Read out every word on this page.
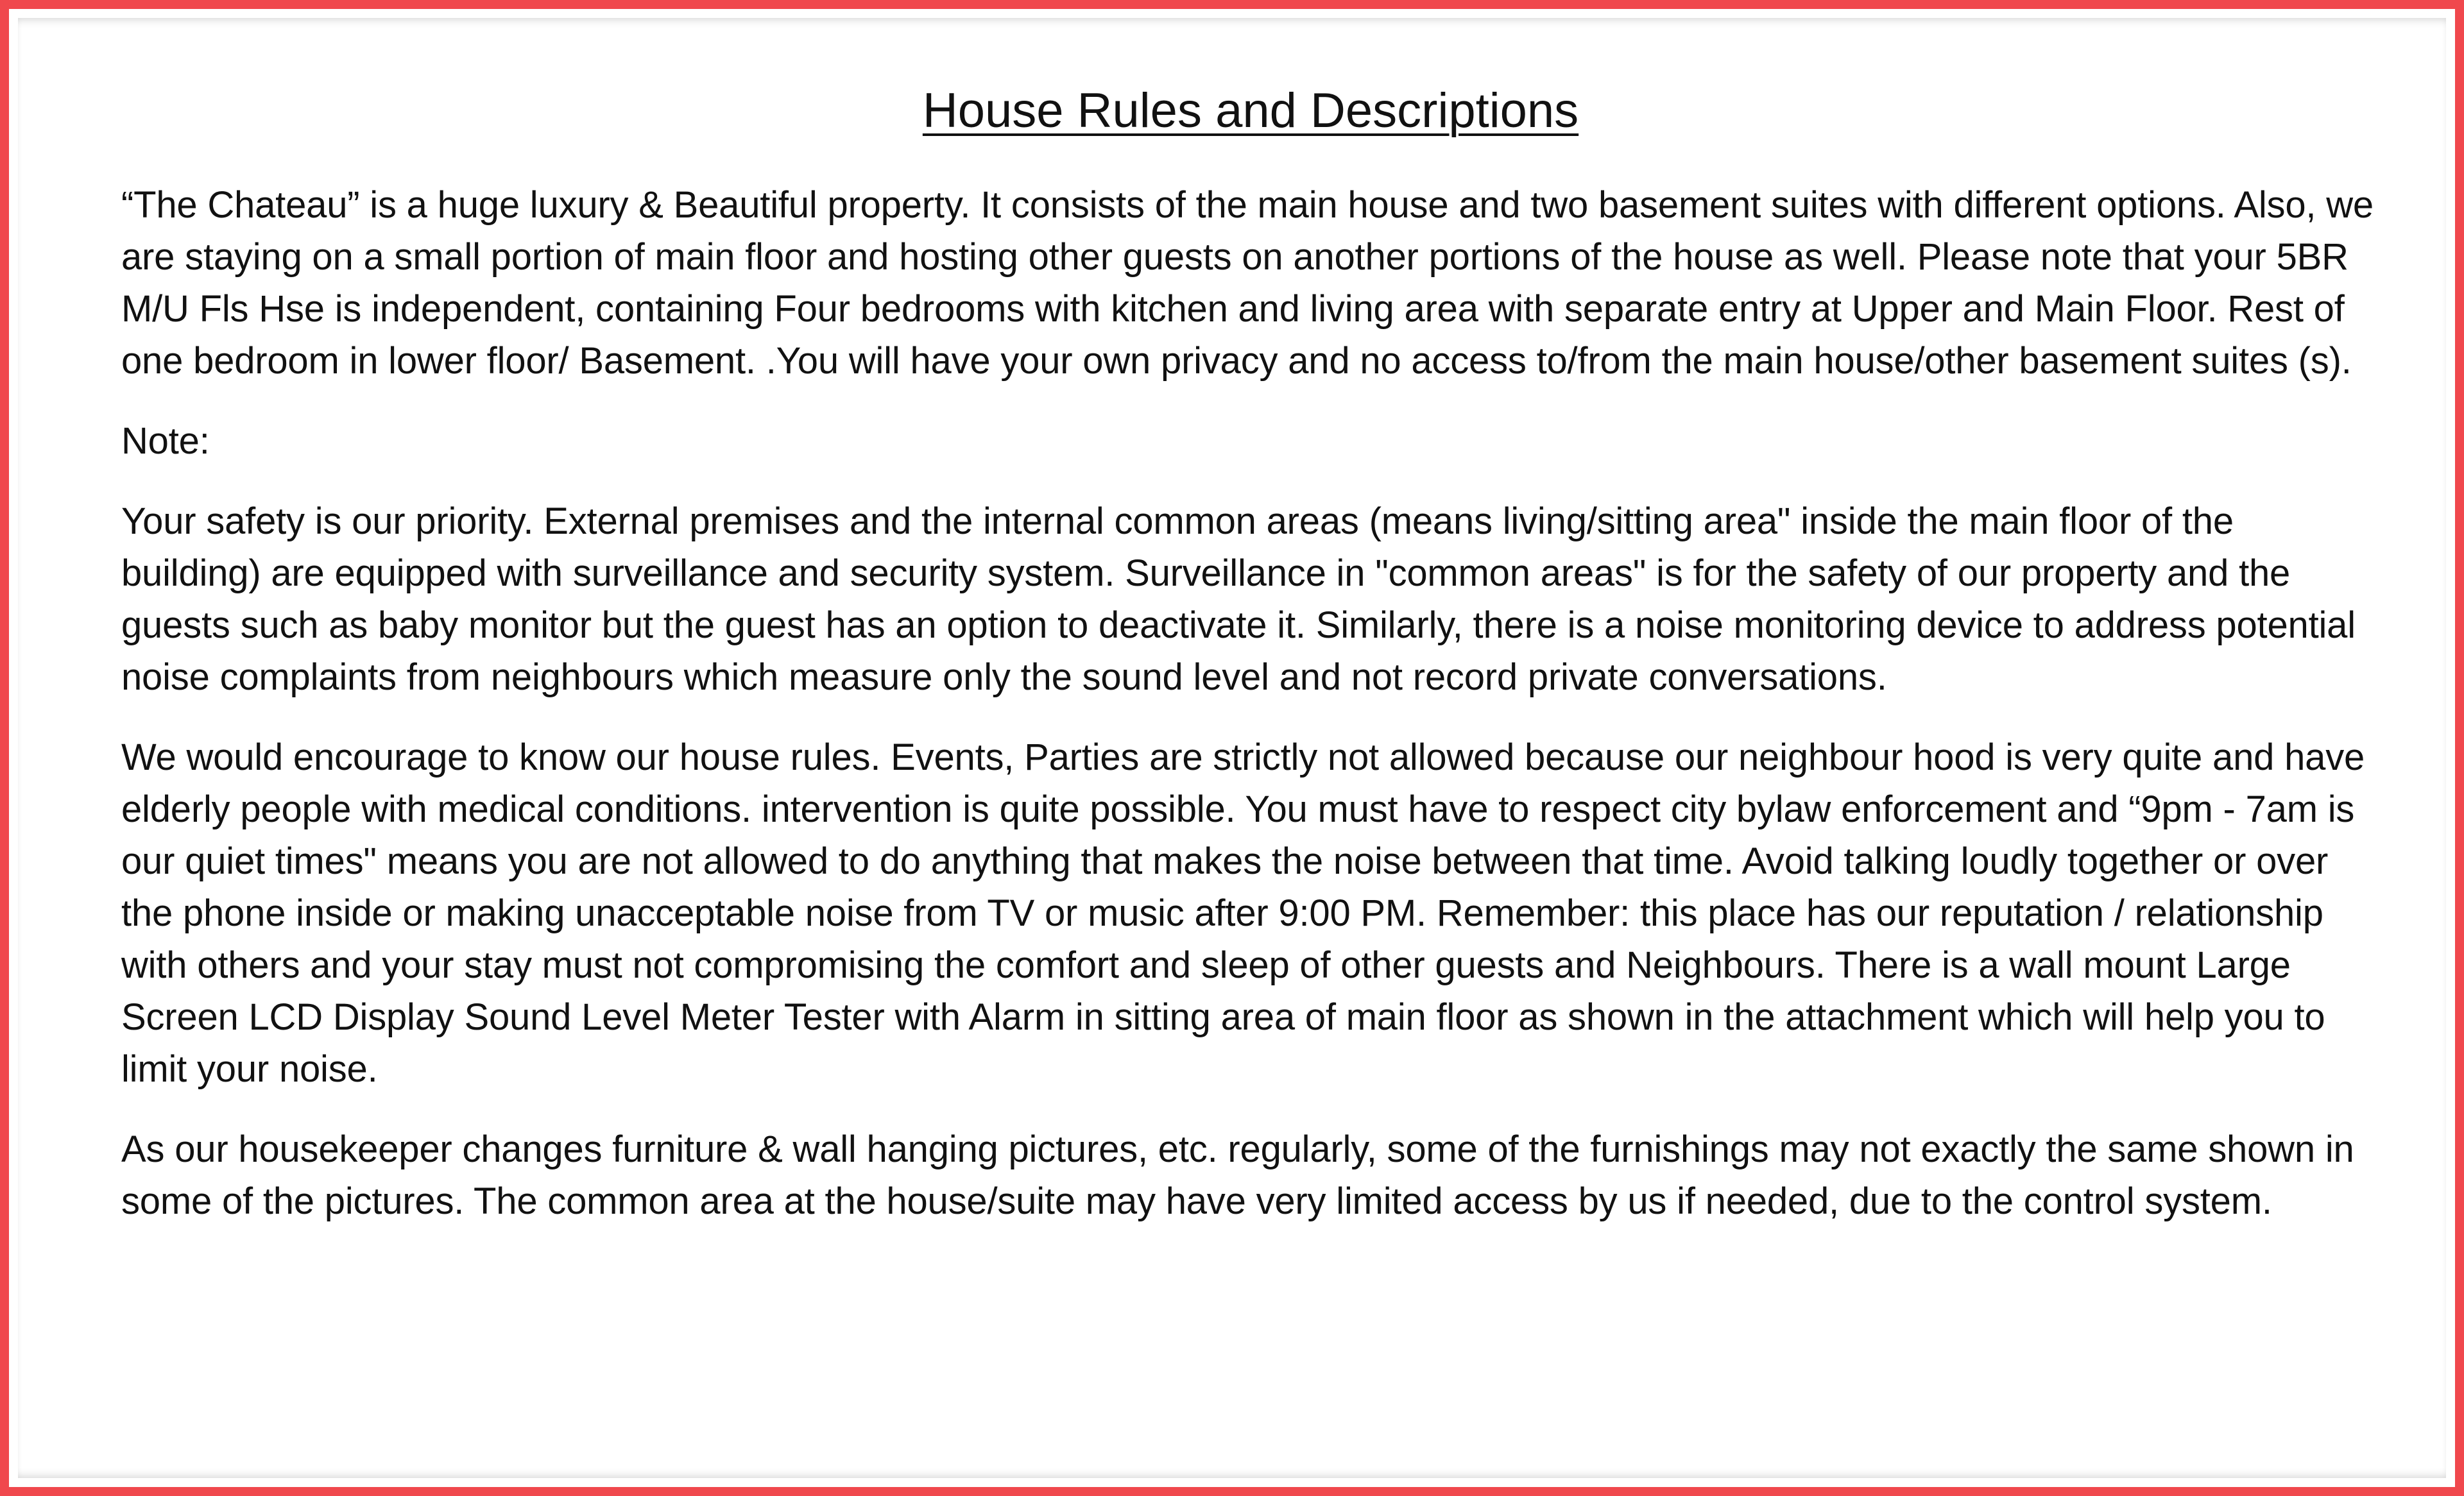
House Rules and Descriptions

“The Chateau” is a huge luxury & Beautiful property. It consists of the main house and two basement suites with different options. Also, we are staying on a small portion of main floor and hosting other guests on another portions of the house as well. Please note that your 5BR M/U Fls Hse is independent, containing Four bedrooms with kitchen and living area with separate entry at Upper and Main Floor. Rest of one bedroom in lower floor/ Basement. .You will have your own privacy and no access to/from the main house/other basement suites (s).

Note:

Your safety is our priority. External premises and the internal common areas (means living/sitting area" inside the main floor of the building) are equipped with surveillance and security system. Surveillance in "common areas" is for the safety of our property and the guests such as baby monitor but the guest has an option to deactivate it. Similarly, there is a noise monitoring device to address potential noise complaints from neighbours which measure only the sound level and not record private conversations.

We would encourage to know our house rules. Events, Parties are strictly not allowed because our neighbour hood is very quite and have elderly people with medical conditions. intervention is quite possible. You must have to respect city bylaw enforcement and “9pm - 7am is our quiet times" means you are not allowed to do anything that makes the noise between that time. Avoid talking loudly together or over the phone inside or making unacceptable noise from TV or music after 9:00 PM. Remember: this place has our reputation / relationship with others and your stay must not compromising the comfort and sleep of other guests and Neighbours. There is a wall mount Large Screen LCD Display Sound Level Meter Tester with Alarm in sitting area of main floor as shown in the attachment which will help you to limit your noise.

As our housekeeper changes furniture & wall hanging pictures, etc. regularly, some of the furnishings may not exactly the same shown in some of the pictures. The common area at the house/suite may have very limited access by us if needed, due to the control system.
